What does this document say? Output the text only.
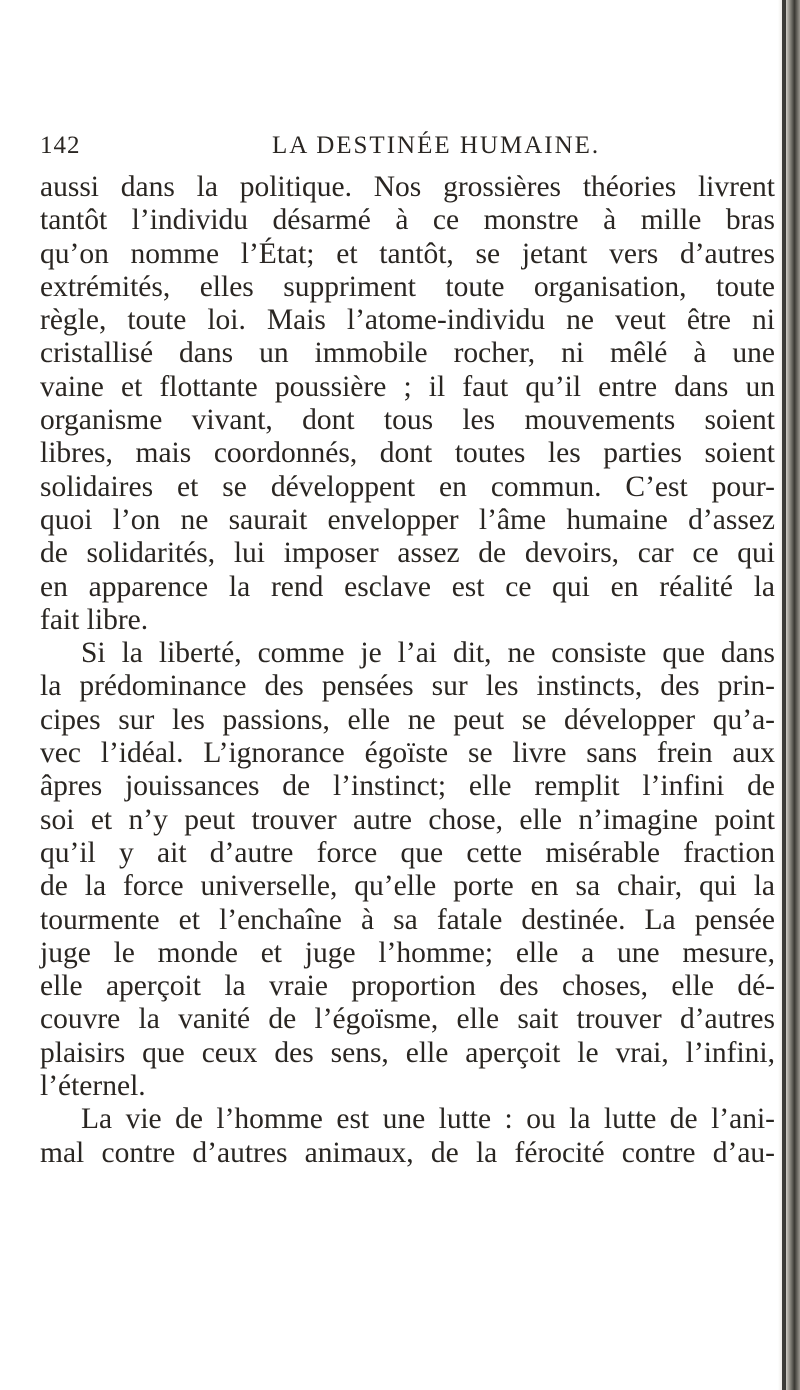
142	LA DESTINÉE HUMAINE.
aussi dans la politique. Nos grossières théories livrent
tantôt l’individu désarmé à ce monstre à mille bras
qu’on nomme l’État; et tantôt, se jetant vers d’autres
extrémités, elles suppriment toute organisation, toute
règle, toute loi. Mais l’atome-individu ne veut être ni
cristallisé dans un immobile rocher, ni mêlé à une
vaine et flottante poussière ; il faut qu’il entre dans un
organisme vivant, dont tous les mouvements soient
libres, mais coordonnés, dont toutes les parties soient
solidaires et se développent en commun. C’est pour-
quoi l’on ne saurait envelopper l’âme humaine d’assez
de solidarités, lui imposer assez de devoirs, car ce qui
en apparence la rend esclave est ce qui en réalité la
fait libre.
Si la liberté, comme je l’ai dit, ne consiste que dans
la prédominance des pensées sur les instincts, des prin-
cipes sur les passions, elle ne peut se développer qu’a-
vec l’idéal. L’ignorance égoïste se livre sans frein aux
âpres jouissances de l’instinct; elle remplit l’infini de
soi et n’y peut trouver autre chose, elle n’imagine point
qu’il y ait d’autre force que cette misérable fraction
de la force universelle, qu’elle porte en sa chair, qui la
tourmente et l’enchaîne à sa fatale destinée. La pensée
juge le monde et juge l’homme; elle a une mesure,
elle aperçoit la vraie proportion des choses, elle dé-
couvre la vanité de l’égoïsme, elle sait trouver d’autres
plaisirs que ceux des sens, elle aperçoit le vrai, l’infini,
l’éternel.
La vie de l’homme est une lutte : ou la lutte de l’ani-
mal contre d’autres animaux, de la férocité contre d’au-
